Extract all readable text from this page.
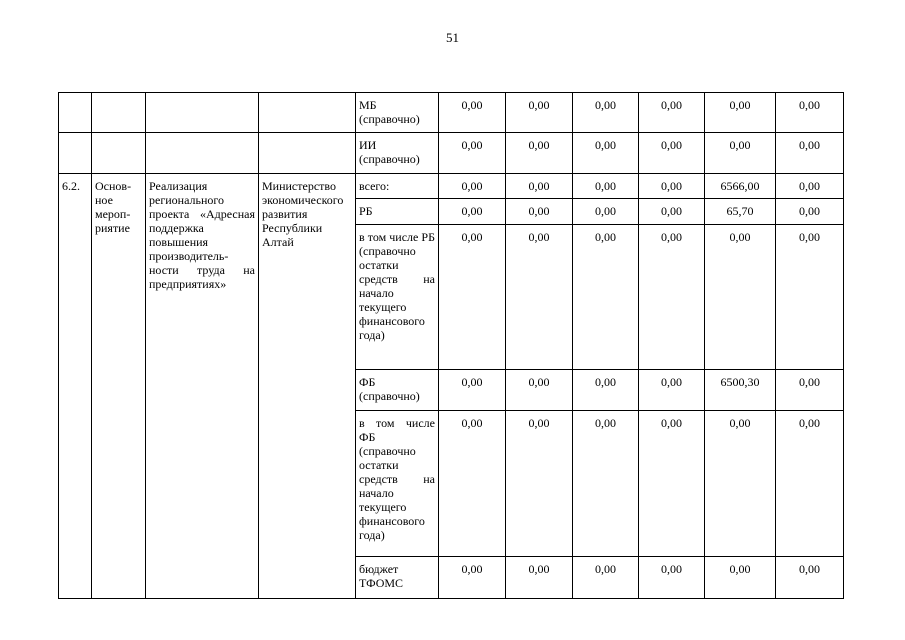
51
				МБ (справочно)	0,00	0,00	0,00	0,00	0,00	0,00
				ИИ (справочно)	0,00	0,00	0,00	0,00	0,00	0,00
6.2.	Основ-ное мероп-риятие	Реализация регионального проекта «Адресная поддержка повышения производитель-ности труда на предприятиях»	Министерство экономического развития Республики Алтай	всего:	0,00	0,00	0,00	0,00	6566,00	0,00
				РБ	0,00	0,00	0,00	0,00	65,70	0,00
				в том числе РБ (справочно остатки средств на начало текущего финансового года)	0,00	0,00	0,00	0,00	0,00	0,00
				ФБ (справочно)	0,00	0,00	0,00	0,00	6500,30	0,00
				в том числе ФБ (справочно остатки средств на начало текущего финансового года)	0,00	0,00	0,00	0,00	0,00	0,00
				бюджет ТФОМС	0,00	0,00	0,00	0,00	0,00	0,00
